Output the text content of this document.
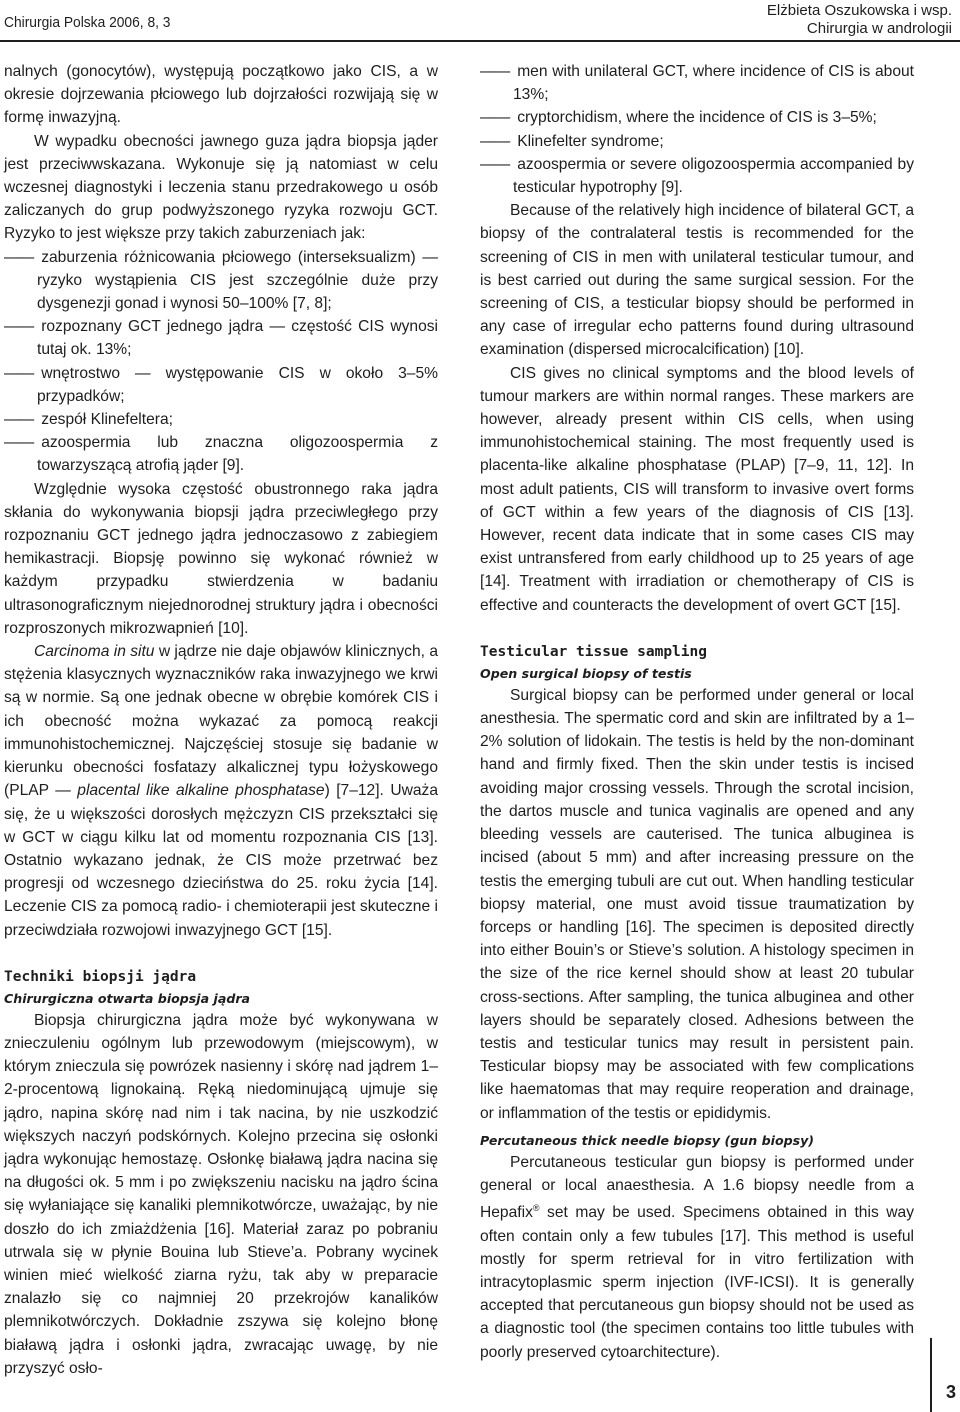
Chirurgia Polska 2006, 8, 3
Elżbieta Oszukowska i wsp.
Chirurgia w andrologii

nalnych (gonocytów), występują początkowo jako CIS, a w okresie dojrzewania płciowego lub dojrzałości rozwijają się w formę inwazyjną.

W wypadku obecności jawnego guza jądra biopsja jąder jest przeciwwskazana. Wykonuje się ją natomiast w celu wczesnej diagnostyki i leczenia stanu przedrakowego u osób zaliczanych do grup podwyższonego ryzyka rozwoju GCT. Ryzyko to jest większe przy takich zaburzeniach jak:

—— zaburzenia różnicowania płciowego (interseksualizm) — ryzyko wystąpienia CIS jest szczególnie duże przy dysgenezji gonad i wynosi 50–100% [7, 8];

—— rozpoznany GCT jednego jądra — częstość CIS wynosi tutaj ok. 13%;

—— wnętrostwo — występowanie CIS w około 3–5% przypadków;

—— zespół Klinefeltera;

—— azoospermia lub znaczna oligozoospermia z towarzyszącą atrofią jąder [9].

Względnie wysoka częstość obustronnego raka jądra skłania do wykonywania biopsji jądra przeciwległego przy rozpoznaniu GCT jednego jądra jednoczasowo z zabiegiem hemikastracji. Biopsję powinno się wykonać również w każdym przypadku stwierdzenia w badaniu ultrasonograficznym niejednorodnej struktury jądra i obecności rozproszonych mikrozwapnień [10].

Carcinoma in situ w jądrze nie daje objawów klinicznych, a stężenia klasycznych wyznaczników raka inwazyjnego we krwi są w normie. Są one jednak obecne w obrębie komórek CIS i ich obecność można wykazać za pomocą reakcji immunohistochemicznej. Najczęściej stosuje się badanie w kierunku obecności fosfatazy alkalicznej typu łożyskowego (PLAP — placental like alkaline phosphatase) [7–12]. Uważa się, że u większości dorosłych mężczyzn CIS przekształci się w GCT w ciągu kilku lat od momentu rozpoznania CIS [13]. Ostatnio wykazano jednak, że CIS może przetrwać bez progresji od wczesnego dzieciństwa do 25. roku życia [14]. Leczenie CIS za pomocą radio- i chemioterapii jest skuteczne i przeciwdziała rozwojowi inwazyjnego GCT [15].

Techniki biopsji jądra

Chirurgiczna otwarta biopsja jądra

Biopsja chirurgiczna jądra może być wykonywana w znieczuleniu ogólnym lub przewodowym (miejscowym), w którym znieczula się powrózek nasienny i skórę nad jądrem 1–2-procentową lignokainą. Ręką niedominującą ujmuje się jądro, napina skórę nad nim i tak nacina, by nie uszkodzić większych naczyń podskórnych. Kolejno przecina się osłonki jądra wykonując hemostazę. Osłonkę białawą jądra nacina się na długości ok. 5 mm i po zwiększeniu nacisku na jądro ścina się wyłaniające się kanaliki plemnikotwórcze, uważając, by nie doszło do ich zmiażdżenia [16]. Materiał zaraz po pobraniu utrwala się w płynie Bouina lub Stieve’a. Pobrany wycinek winien mieć wielkość ziarna ryżu, tak aby w preparacie znalazło się co najmniej 20 przekrojów kanalików plemnikotwórczych. Dokładnie zszywa się kolejno błonę białawą jądra i osłonki jądra, zwracając uwagę, by nie przyszyć osło-

—— men with unilateral GCT, where incidence of CIS is about 13%;

—— cryptorchidism, where the incidence of CIS is 3–5%;

—— Klinefelter syndrome;

—— azoospermia or severe oligozoospermia accompanied by testicular hypotrophy [9].

Because of the relatively high incidence of bilateral GCT, a biopsy of the contralateral testis is recommended for the screening of CIS in men with unilateral testicular tumour, and is best carried out during the same surgical session. For the screening of CIS, a testicular biopsy should be performed in any case of irregular echo patterns found during ultrasound examination (dispersed microcalcification) [10].

CIS gives no clinical symptoms and the blood levels of tumour markers are within normal ranges. These markers are however, already present within CIS cells, when using immunohistochemical staining. The most frequently used is placenta-like alkaline phosphatase (PLAP) [7–9, 11, 12]. In most adult patients, CIS will transform to invasive overt forms of GCT within a few years of the diagnosis of CIS [13]. However, recent data indicate that in some cases CIS may exist untransfered from early childhood up to 25 years of age [14]. Treatment with irradiation or chemotherapy of CIS is effective and counteracts the development of overt GCT [15].

Testicular tissue sampling

Open surgical biopsy of testis

Surgical biopsy can be performed under general or local anesthesia. The spermatic cord and skin are infiltrated by a 1–2% solution of lidokain. The testis is held by the non-dominant hand and firmly fixed. Then the skin under testis is incised avoiding major crossing vessels. Through the scrotal incision, the dartos muscle and tunica vaginalis are opened and any bleeding vessels are cauterised. The tunica albuginea is incised (about 5 mm) and after increasing pressure on the testis the emerging tubuli are cut out. When handling testicular biopsy material, one must avoid tissue traumatization by forceps or handling [16]. The specimen is deposited directly into either Bouin’s or Stieve’s solution. A histology specimen in the size of the rice kernel should show at least 20 tubular cross-sections. After sampling, the tunica albuginea and other layers should be separately closed. Adhesions between the testis and testicular tunics may result in persistent pain. Testicular biopsy may be associated with few complications like haematomas that may require reoperation and drainage, or inflammation of the testis or epididymis.

Percutaneous thick needle biopsy (gun biopsy)

Percutaneous testicular gun biopsy is performed under general or local anaesthesia. A 1.6 biopsy needle from a Hepafix® set may be used. Specimens obtained in this way often contain only a few tubules [17]. This method is useful mostly for sperm retrieval for in vitro fertilization with intracytoplasmic sperm injection (IVF-ICSI). It is generally accepted that percutaneous gun biopsy should not be used as a diagnostic tool (the specimen contains too little tubules with poorly preserved cytoarchitecture).

3
